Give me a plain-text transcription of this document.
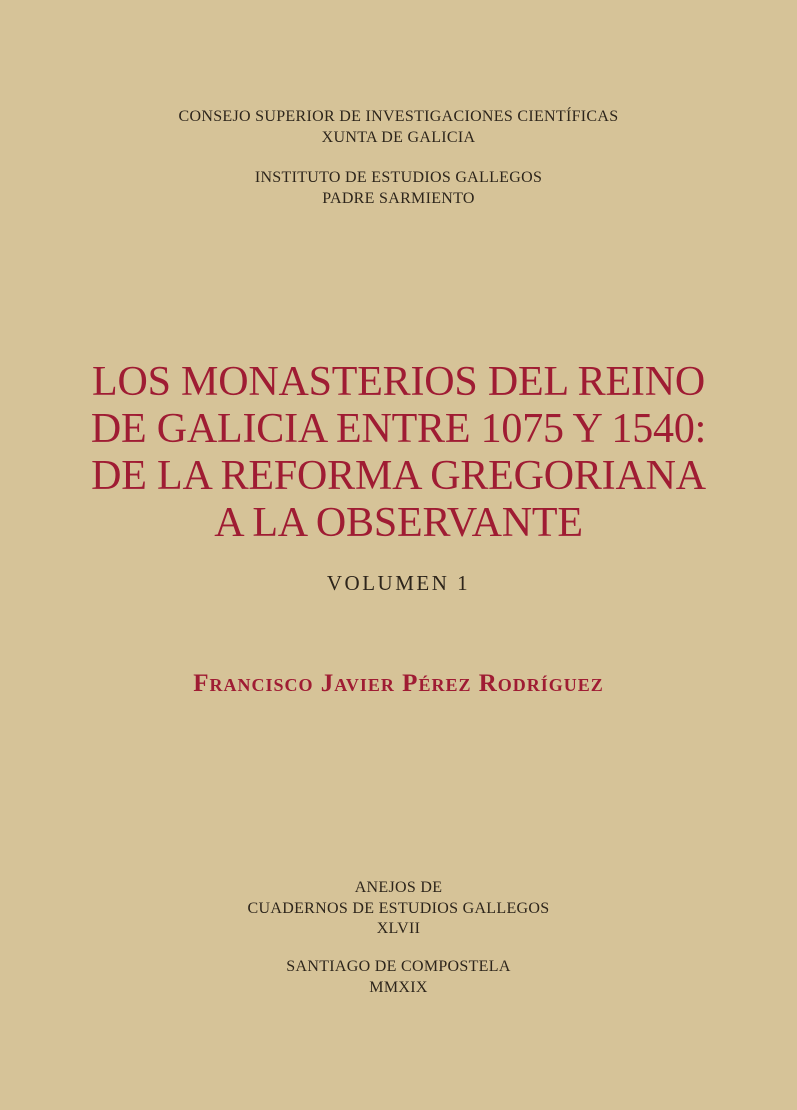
CONSEJO SUPERIOR DE INVESTIGACIONES CIENTÍFICAS
XUNTA DE GALICIA
INSTITUTO DE ESTUDIOS GALLEGOS
PADRE SARMIENTO
LOS MONASTERIOS DEL REINO
DE GALICIA ENTRE 1075 Y 1540:
DE LA REFORMA GREGORIANA
A LA OBSERVANTE
VOLUMEN 1
Francisco Javier Pérez Rodríguez
ANEJOS DE
CUADERNOS DE ESTUDIOS GALLEGOS
XLVII
SANTIAGO DE COMPOSTELA
MMXIX
